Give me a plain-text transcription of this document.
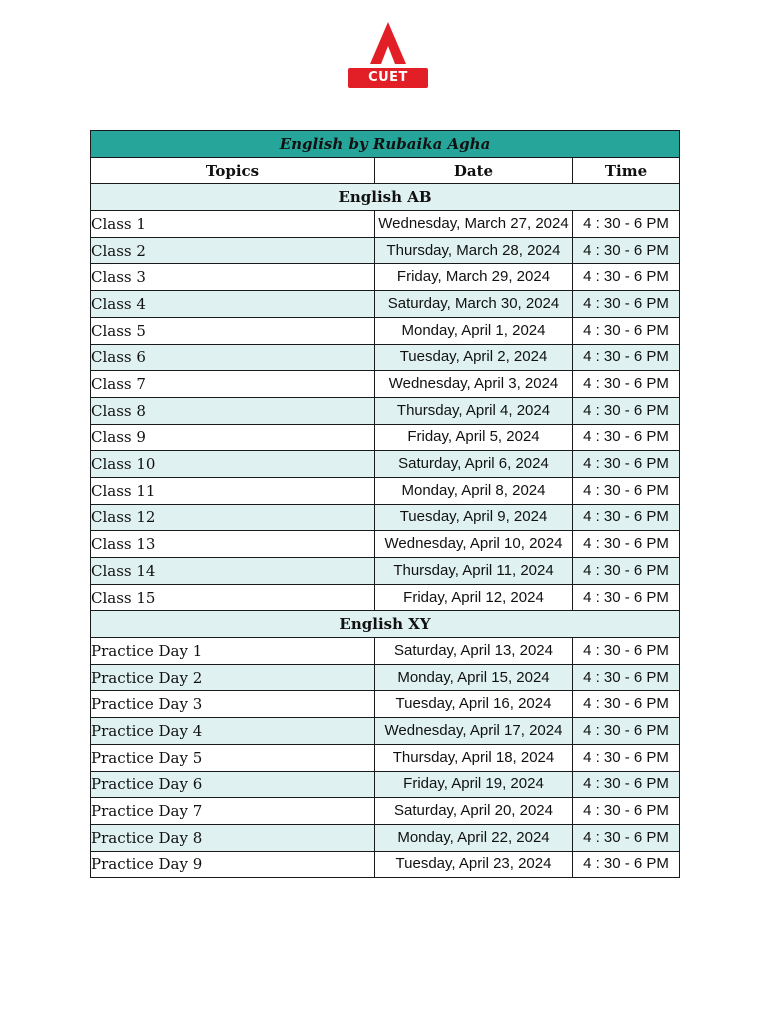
CUET
English by Rubaika Agha		
Topics	Date	Time
English AB		
Class 1	Wednesday, March 27, 2024	4 : 30 - 6 PM
Class 2	Thursday, March 28, 2024	4 : 30 - 6 PM
Class 3	Friday, March 29, 2024	4 : 30 - 6 PM
Class 4	Saturday, March 30, 2024	4 : 30 - 6 PM
Class 5	Monday, April 1, 2024	4 : 30 - 6 PM
Class 6	Tuesday, April 2, 2024	4 : 30 - 6 PM
Class 7	Wednesday, April 3, 2024	4 : 30 - 6 PM
Class 8	Thursday, April 4, 2024	4 : 30 - 6 PM
Class 9	Friday, April 5, 2024	4 : 30 - 6 PM
Class 10	Saturday, April 6, 2024	4 : 30 - 6 PM
Class 11	Monday, April 8, 2024	4 : 30 - 6 PM
Class 12	Tuesday, April 9, 2024	4 : 30 - 6 PM
Class 13	Wednesday, April 10, 2024	4 : 30 - 6 PM
Class 14	Thursday, April 11, 2024	4 : 30 - 6 PM
Class 15	Friday, April 12, 2024	4 : 30 - 6 PM
English XY		
Practice Day 1	Saturday, April 13, 2024	4 : 30 - 6 PM
Practice Day 2	Monday, April 15, 2024	4 : 30 - 6 PM
Practice Day 3	Tuesday, April 16, 2024	4 : 30 - 6 PM
Practice Day 4	Wednesday, April 17, 2024	4 : 30 - 6 PM
Practice Day 5	Thursday, April 18, 2024	4 : 30 - 6 PM
Practice Day 6	Friday, April 19, 2024	4 : 30 - 6 PM
Practice Day 7	Saturday, April 20, 2024	4 : 30 - 6 PM
Practice Day 8	Monday, April 22, 2024	4 : 30 - 6 PM
Practice Day 9	Tuesday, April 23, 2024	4 : 30 - 6 PM
